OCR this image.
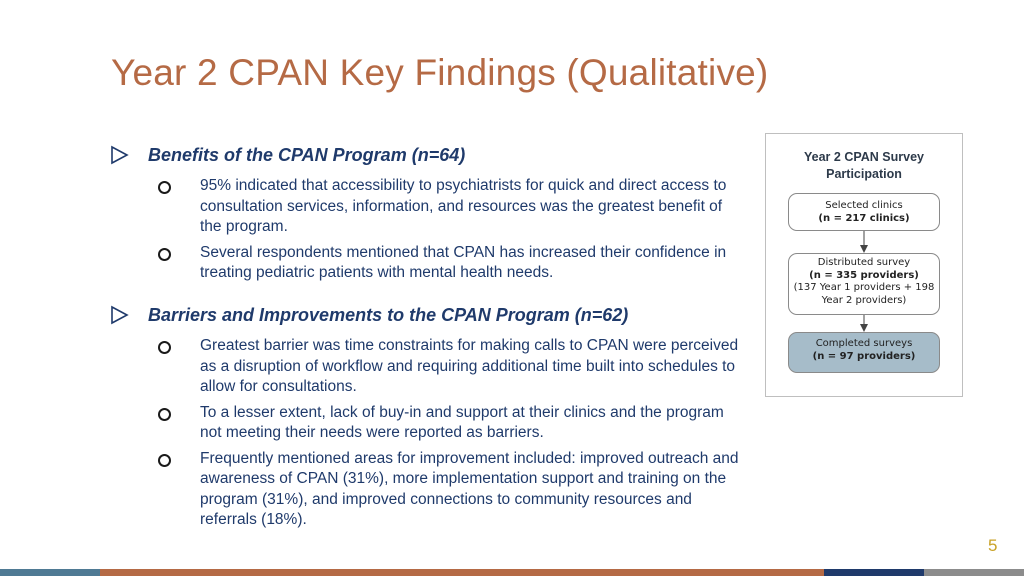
Year 2 CPAN Key Findings (Qualitative)
Benefits of the CPAN Program (n=64)
95% indicated that accessibility to psychiatrists for quick and direct access to consultation services, information, and resources was the greatest benefit of the program.
Several respondents mentioned that CPAN has increased their confidence in treating pediatric patients with mental health needs.
Barriers and Improvements to the CPAN Program (n=62)
Greatest barrier was time constraints for making calls to CPAN were perceived as a disruption of workflow and requiring additional time built into schedules to allow for consultations.
To a lesser extent, lack of buy-in and support at their clinics and the program not meeting their needs were reported as barriers.
Frequently mentioned areas for improvement included: improved outreach and awareness of CPAN (31%), more implementation support and training on the program (31%), and improved connections to community resources and referrals (18%).
Year 2 CPAN Survey Participation
Selected clinics
(n = 217 clinics)
Distributed survey
(n = 335 providers)
(137 Year 1 providers + 198 Year 2 providers)
Completed surveys
(n = 97 providers)
5
